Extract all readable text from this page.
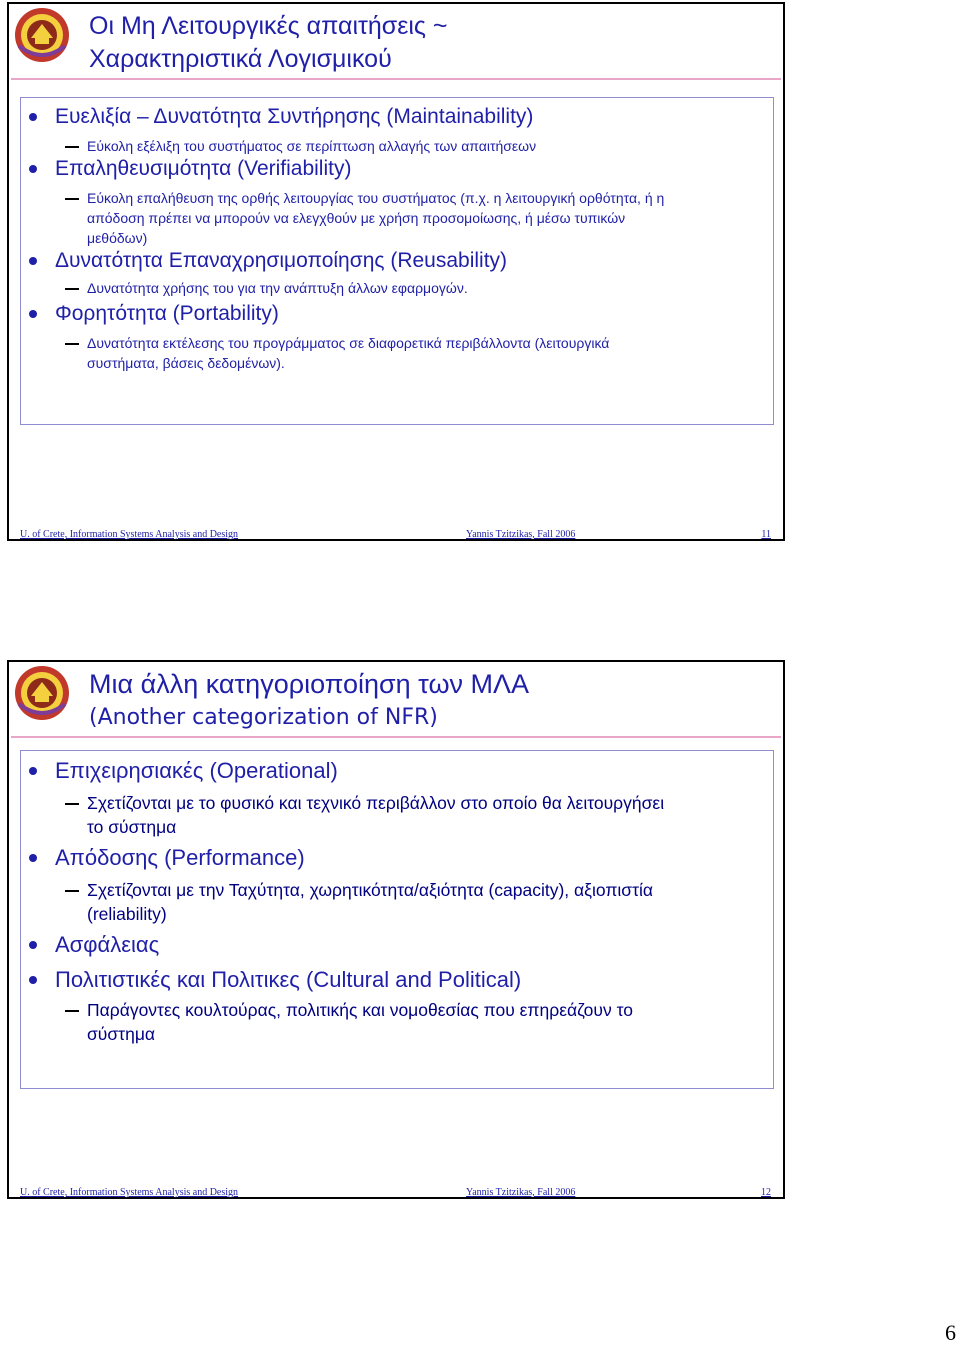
Οι Μη Λειτουργικές απαιτήσεις ~
Χαρακτηριστικά Λογισμικού
Ευελιξία – Δυνατότητα Συντήρησης (Maintainability)
Εύκολη εξέλιξη του συστήματος σε περίπτωση αλλαγής των απαιτήσεων
Επαληθευσιμότητα (Verifiability)
Εύκολη επαλήθευση της ορθής λειτουργίας του συστήματος (π.χ. η λειτουργική ορθότητα, ή η
απόδοση πρέπει να μπορούν να ελεγχθούν με χρήση προσομοίωσης, ή μέσω τυπικών
μεθόδων)
Δυνατότητα Επαναχρησιμοποίησης (Reusability)
Δυνατότητα χρήσης του για την ανάπτυξη άλλων εφαρμογών.
Φορητότητα (Portability)
Δυνατότητα εκτέλεσης του προγράμματος σε διαφορετικά περιβάλλοντα (λειτουργικά
συστήματα, βάσεις δεδομένων).
U. of Crete, Information Systems Analysis and Design	Yannis Tzitzikas, Fall 2006	11
Μια άλλη κατηγοριοποίηση των ΜΛΑ
(Another categorization of NFR)
Επιχειρησιακές (Operational)
Σχετίζονται με το φυσικό και τεχνικό περιβάλλον στο οποίο θα λειτουργήσει
το σύστημα
Απόδοσης (Performance)
Σχετίζονται με την Ταχύτητα, χωρητικότητα/αξιότητα (capacity), αξιοπιστία
(reliability)
Ασφάλειας
Πολιτιστικές και Πολιτικες (Cultural and Political)
Παράγοντες κουλτούρας, πολιτικής και νομοθεσίας που επηρεάζουν το
σύστημα
U. of Crete, Information Systems Analysis and Design	Yannis Tzitzikas, Fall 2006	12
6
